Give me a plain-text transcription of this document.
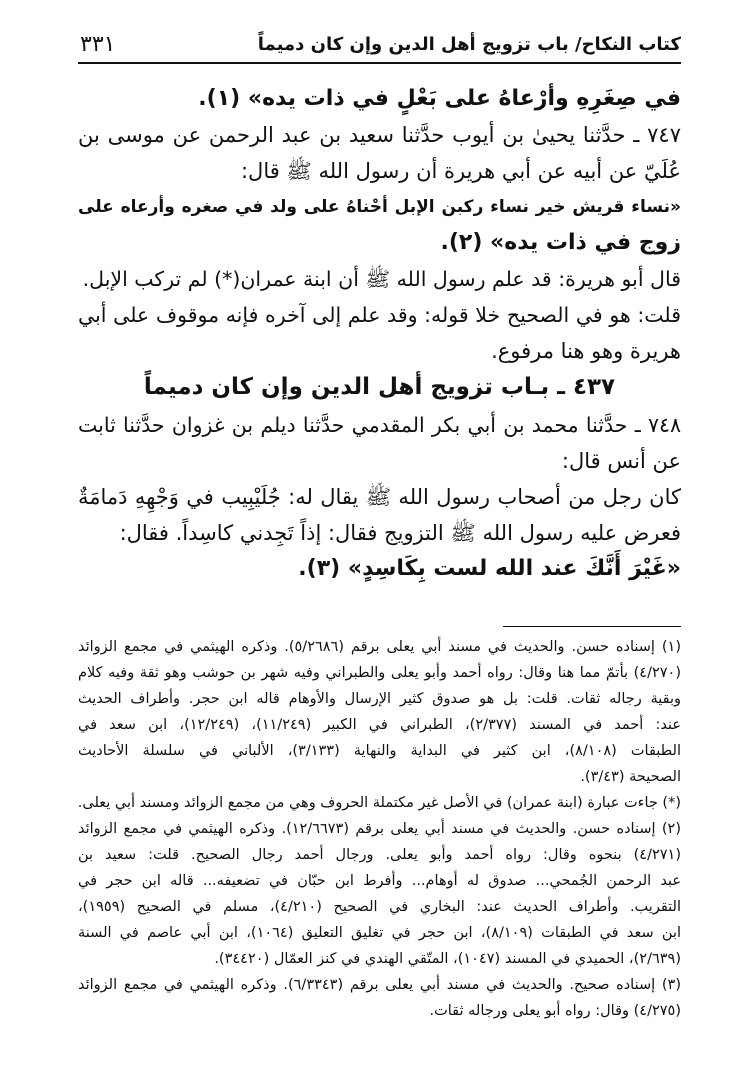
كتاب النكاح/ باب تزويج أهل الدين وإن كان دميماً
٣٣١
في صِغَرِهِ وأرْعاهُ على بَعْلٍ في ذات يده» (١).
٧٤٧ ـ حدَّثنا يحيىٰ بن أيوب حدَّثنا سعيد بن عبد الرحمن عن موسى بن
عُلَيّ عن أبيه عن أبي هريرة أن رسول الله ﷺ قال:
«نساء قريش خير نساء ركبن الإبل أحْناهُ على ولد في صغره وأرعاه على
زوج في ذات يده» (٢).
قال أبو هريرة: قد علم رسول الله ﷺ أن ابنة عمران(*) لم تركب الإبل.
قلت: هو في الصحيح خلا قوله: وقد علم إلى آخره فإنه موقوف على أبي
هريرة وهو هنا مرفوع.
٤٣٧ ـ بـاب تزويج أهل الدين وإن كان دميماً
٧٤٨ ـ حدَّثنا محمد بن أبي بكر المقدمي حدَّثنا ديلم بن غزوان حدَّثنا ثابت
عن أنس قال:
كان رجل من أصحاب رسول الله ﷺ يقال له: جُلَيْبِيب في وَجْهِهِ دَمامَةٌ
فعرض عليه رسول الله ﷺ التزويج فقال: إذاً تَجِدني كاسِداً. فقال:
«غَيْرَ أَنَّكَ عند الله لست بِكَاسِدٍ» (٣).
(١) إسناده حسن. والحديث في مسند أبي يعلى برقم (٥/٢٦٨٦). وذكره الهيثمي في مجمع الزوائد
(٤/٢٧٠) بأتمّ مما هنا وقال: رواه أحمد وأبو يعلى والطبراني وفيه شهر بن حوشب وهو ثقة وفيه كلام
وبقية رجاله ثقات. قلت: بل هو صدوق كثير الإرسال والأوهام قاله ابن حجر. وأطراف الحديث
عند: أحمد في المسند (٢/٣٧٧)، الطبراني في الكبير (١١/٢٤٩)، (١٢/٢٤٩)، ابن سعد في
الطبقات (٨/١٠٨)، ابن كثير في البداية والنهاية (٣/١٣٣)، الألباني في سلسلة الأحاديث
الصحيحة (٣/٤٣).
(*) جاءت عبارة (ابنة عمران) في الأصل غير مكتملة الحروف وهي من مجمع الزوائد ومسند أبي يعلى.
(٢) إسناده حسن. والحديث في مسند أبي يعلى برقم (١٢/٦٦٧٣). وذكره الهيثمي في مجمع الزوائد
(٤/٢٧١) بنحوه وقال: رواه أحمد وأبو يعلى. ورجال أحمد رجال الصحيح. قلت: سعيد بن
عبد الرحمن الجُمحي... صدوق له أوهام... وأفرط ابن حبّان في تضعيفه... قاله ابن حجر في
التقريب. وأطراف الحديث عند: البخاري في الصحيح (٤/٢١٠)، مسلم في الصحيح (١٩٥٩)،
ابن سعد في الطبقات (٨/١٠٩)، ابن حجر في تغليق التعليق (١٠٦٤)، ابن أبي عاصم في السنة
(٢/٦٣٩)، الحميدي في المسند (١٠٤٧)، المتّقي الهندي في كنز العمّال (٣٤٤٢٠).
(٣) إسناده صحيح. والحديث في مسند أبي يعلى برقم (٦/٣٣٤٣). وذكره الهيثمي في مجمع الزوائد
(٤/٢٧٥) وقال: رواه أبو يعلى ورجاله ثقات.
